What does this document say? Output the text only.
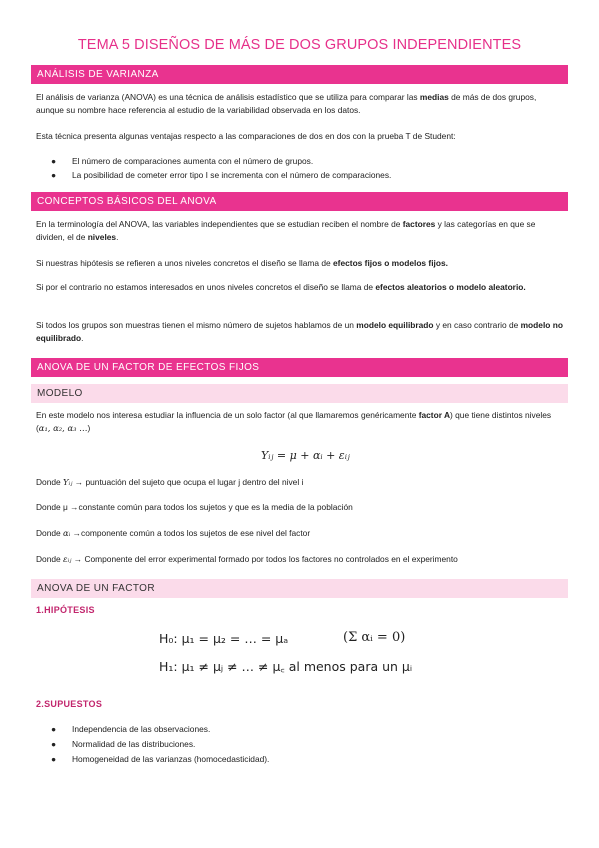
TEMA 5 DISEÑOS DE MÁS DE DOS GRUPOS INDEPENDIENTES
ANÁLISIS DE VARIANZA
El análisis de varianza (ANOVA) es una técnica de análisis estadístico que se utiliza para comparar las medias de más de dos grupos, aunque su nombre hace referencia al estudio de la variabilidad observada en los datos.
Esta técnica presenta algunas ventajas respecto a las comparaciones de dos en dos con la prueba T de Student:
● El número de comparaciones aumenta con el número de grupos.
● La posibilidad de cometer error tipo I se incrementa con el número de comparaciones.
CONCEPTOS BÁSICOS DEL ANOVA
En la terminología del ANOVA, las variables independientes que se estudian reciben el nombre de factores y las categorías en que se dividen, el de niveles.
Si nuestras hipótesis se refieren a unos niveles concretos el diseño se llama de efectos fijos o modelos fijos.
Si por el contrario no estamos interesados en unos niveles concretos el diseño se llama de efectos aleatorios o modelo aleatorio.
Si todos los grupos son muestras tienen el mismo número de sujetos hablamos de un modelo equilibrado y en caso contrario de modelo no equilibrado.
ANOVA DE UN FACTOR DE EFECTOS FIJOS
MODELO
En este modelo nos interesa estudiar la influencia de un solo factor (al que llamaremos genéricamente factor A) que tiene distintos niveles (α₁, α₂, α₃ …)
Yᵢⱼ = μ + αᵢ + εᵢⱼ
Donde Yᵢⱼ → puntuación del sujeto que ocupa el lugar j dentro del nivel i
Donde μ →constante común para todos los sujetos y que es la media de la población
Donde αᵢ →componente común a todos los sujetos de ese nivel del factor
Donde εᵢⱼ → Componente del error experimental formado por todos los factores no controlados en el experimento
ANOVA DE UN FACTOR
1.HIPÓTESIS
H₀: μ₁ = μ₂ = … = μₐ	(Σ αᵢ = 0)
H₁: μ₁ ≠ μⱼ ≠ … ≠ μ꜀ al menos para un μᵢ
2.SUPUESTOS
● Independencia de las observaciones.
● Normalidad de las distribuciones.
● Homogeneidad de las varianzas (homocedasticidad).
